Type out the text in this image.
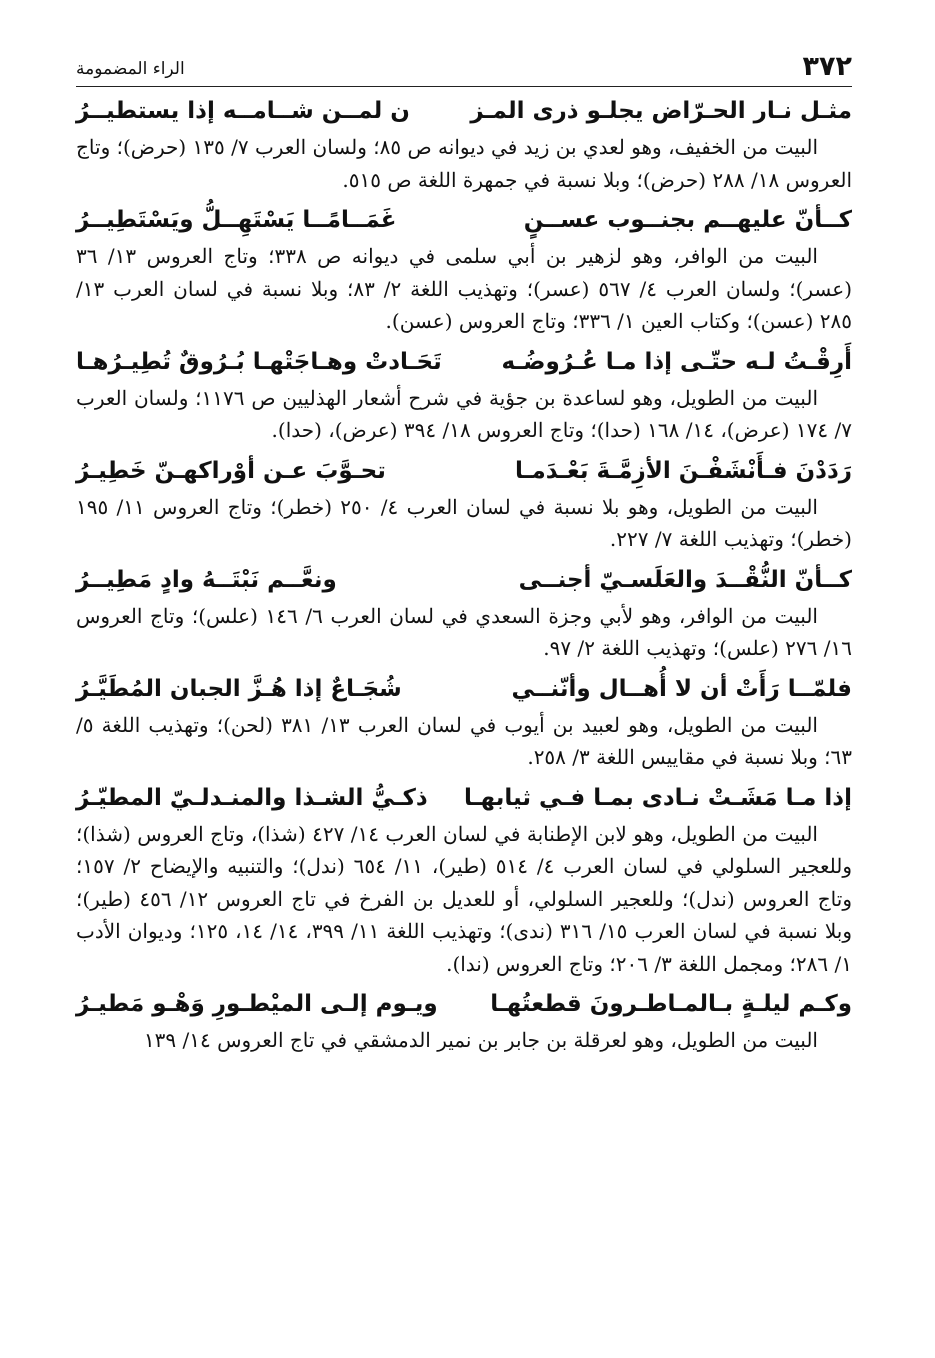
٣٧٢
الراء المضمومة
مثـل نـار الحـرّاض يجلـو ذرى المـز
ن لمــن شــامــه إذا يستطيــرُ

البيت من الخفيف، وهو لعدي بن زيد في ديوانه ص ٨٥؛ ولسان العرب ٧/ ١٣٥ (حرض)؛ وتاج العروس ١٨/ ٢٨٨ (حرض)؛ وبلا نسبة في جمهرة اللغة ص ٥١٥.

كــأنّ عليهــم بجنــوب عســنٍ
غَمَــامًــا يَسْتَهِــلُّ ويَسْتَطِيــرُ

البيت من الوافر، وهو لزهير بن أبي سلمى في ديوانه ص ٣٣٨؛ وتاج العروس ١٣/ ٣٦ (عسر)؛ ولسان العرب ٤/ ٥٦٧ (عسر)؛ وتهذيب اللغة ٢/ ٨٣؛ وبلا نسبة في لسان العرب ١٣/ ٢٨٥ (عسن)؛ وكتاب العين ١/ ٣٣٦؛ وتاج العروس (عسن).

أَرِقْـتُ لـه حتّـى إذا مـا عُـرُوضُـه
تَحَـادتْ وهـاجَتْهـا بُـرُوقٌ تُطِيـرُهـا

البيت من الطويل، وهو لساعدة بن جؤية في شرح أشعار الهذليين ص ١١٧٦؛ ولسان العرب ٧/ ١٧٤ (عرض)، ١٤/ ١٦٨ (حدا)؛ وتاج العروس ١٨/ ٣٩٤ (عرض)، (حدا).

رَدَدْنَ فـأَنْشَفْـنَ الأزِمَّـةَ بَعْـدَمـا
تحـوَّبَ عـن أوْراكهـنّ خَطِيـرُ

البيت من الطويل، وهو بلا نسبة في لسان العرب ٤/ ٢٥٠ (خطر)؛ وتاج العروس ١١/ ١٩٥ (خطر)؛ وتهذيب اللغة ٧/ ٢٢٧.

كــأنّ النُّقْــدَ والعَلَسـيّ أجنــى
ونعَّــم نَبْتَــهُ وادٍ مَطِيــرُ

البيت من الوافر، وهو لأبي وجزة السعدي في لسان العرب ٦/ ١٤٦ (علس)؛ وتاج العروس ١٦/ ٢٧٦ (علس)؛ وتهذيب اللغة ٢/ ٩٧.

فلمّــا رَأَتْ أن لا أُهــال وأنّنــي
شُجَـاعٌ إذا هُـزَّ الجبان المُطَيَّـرُ

البيت من الطويل، وهو لعبيد بن أيوب في لسان العرب ١٣/ ٣٨١ (لحن)؛ وتهذيب اللغة ٥/ ٦٣؛ وبلا نسبة في مقاييس اللغة ٣/ ٢٥٨.

إذا مـا مَشَـتْ نـادى بمـا فـي ثيابهـا
ذكـيُّ الشـذا والمنـدلـيّ المطيّـرُ

البيت من الطويل، وهو لابن الإطنابة في لسان العرب ١٤/ ٤٢٧ (شذا)، وتاج العروس (شذا)؛ وللعجير السلولي في لسان العرب ٤/ ٥١٤ (طير)، ١١/ ٦٥٤ (ندل)؛ والتنبيه والإيضاح ٢/ ١٥٧؛ وتاج العروس (ندل)؛ وللعجير السلولي، أو للعديل بن الفرخ في تاج العروس ١٢/ ٤٥٦ (طير)؛ وبلا نسبة في لسان العرب ١٥/ ٣١٦ (ندى)؛ وتهذيب اللغة ١١/ ٣٩٩، ١٤/ ١٤، ١٢٥؛ وديوان الأدب ١/ ٢٨٦؛ ومجمل اللغة ٣/ ٢٠٦؛ وتاج العروس (ندا).

وكـم ليلـةٍ بـالمـاطـرونَ قطعتُهـا
ويـوم إلـى الميْطـورِ وَهْـو مَطيـرُ

البيت من الطويل، وهو لعرقلة بن جابر بن نمير الدمشقي في تاج العروس ١٤/ ١٣٩
